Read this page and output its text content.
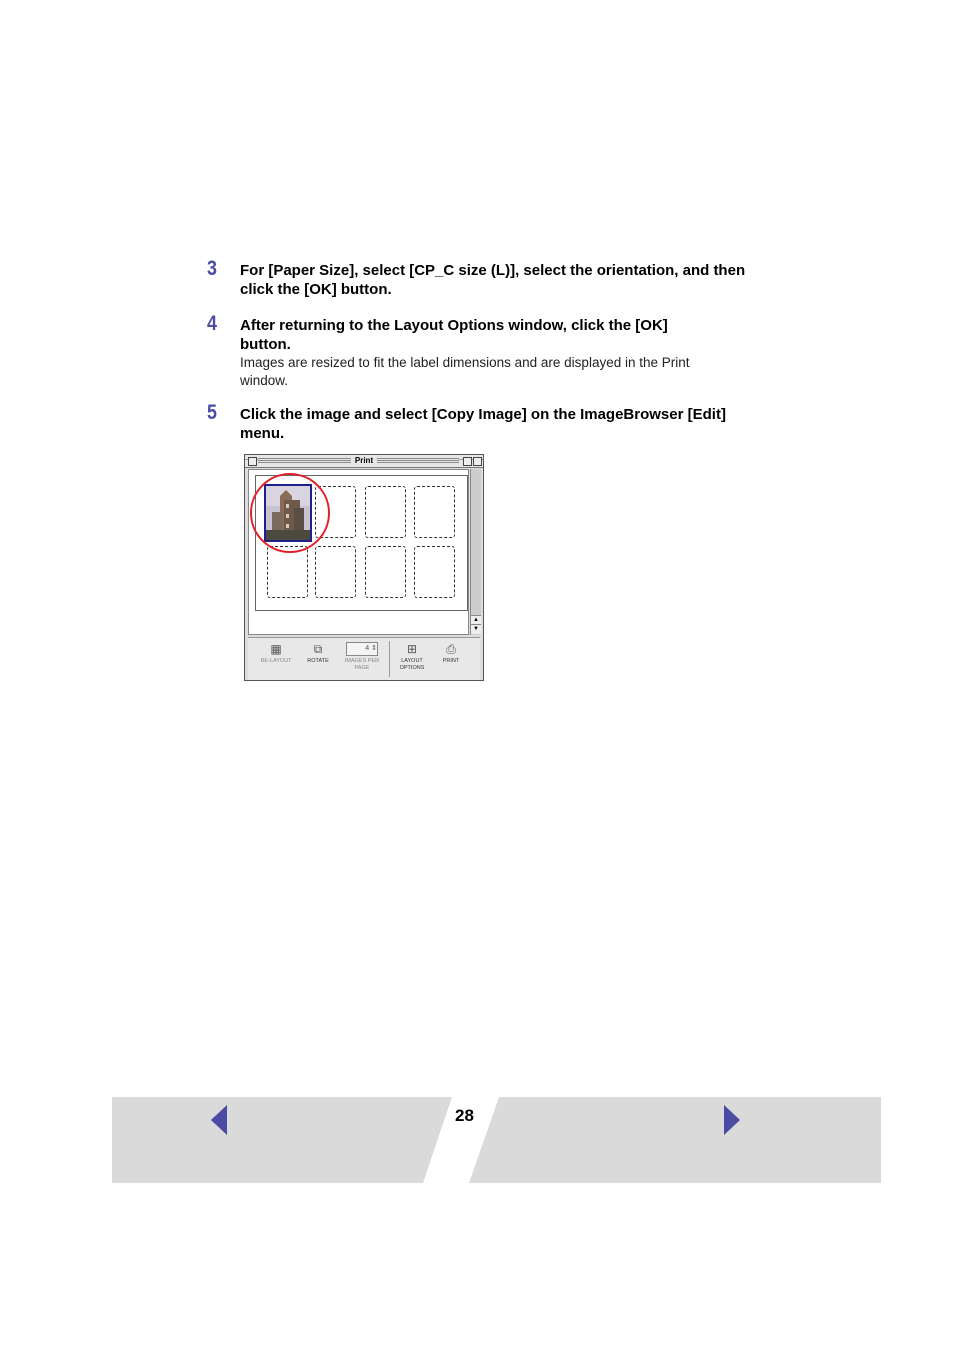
3 For [Paper Size], select [CP_C size (L)], select the orientation, and then click the [OK] button.
4 After returning to the Layout Options window, click the [OK] button.
Images are resized to fit the label dimensions and are displayed in the Print window.
5 Click the image and select [Copy Image] on the ImageBrowser [Edit] menu.
Print
▲
▼
▦
RE-LAYOUT
⧉
ROTATE
4 ⇕
IMAGES PER PAGE
⊞
LAYOUT OPTIONS
⎙
PRINT
28
